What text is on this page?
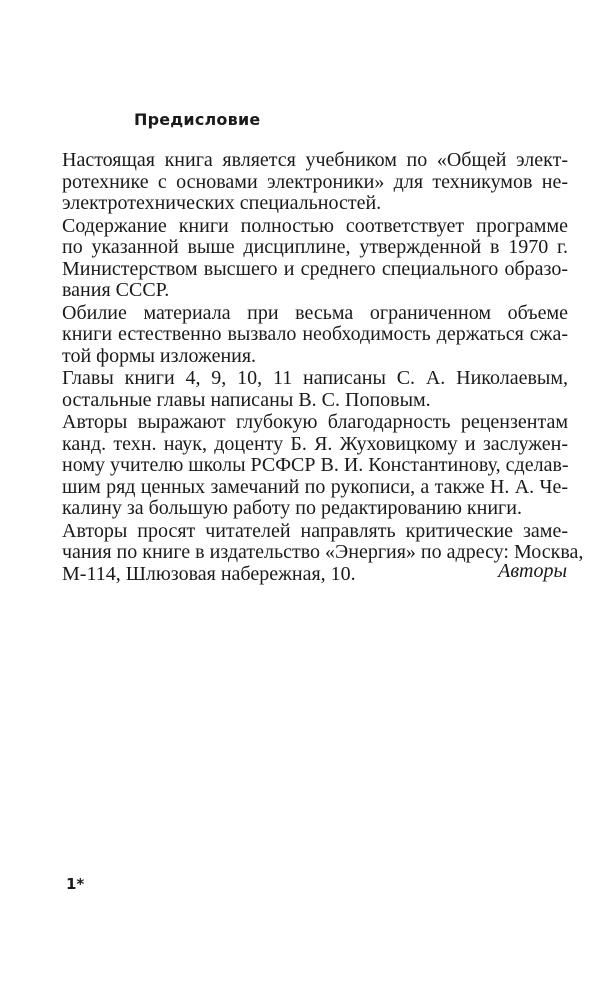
Предисловие

Настоящая книга является учебником по «Общей элект-
ротехнике с основами электроники» для техникумов не-
электротехнических специальностей.

Содержание книги полностью соответствует программе
по указанной выше дисциплине, утвержденной в 1970 г.
Министерством высшего и среднего специального образо-
вания СССР.

Обилие материала при весьма ограниченном объеме
книги естественно вызвало необходимость держаться сжа-
той формы изложения.

Главы книги 4, 9, 10, 11 написаны С. А. Николаевым,
остальные главы написаны В. С. Поповым.

Авторы выражают глубокую благодарность рецензентам
канд. техн. наук, доценту Б. Я. Жуховицкому и заслужен-
ному учителю школы РСФСР В. И. Константинову, сделав-
шим ряд ценных замечаний по рукописи, а также Н. А. Че-
калину за большую работу по редактированию книги.

Авторы просят читателей направлять критические заме-
чания по книге в издательство «Энергия» по адресу: Москва,
М-114, Шлюзовая набережная, 10.	Авторы
1*
